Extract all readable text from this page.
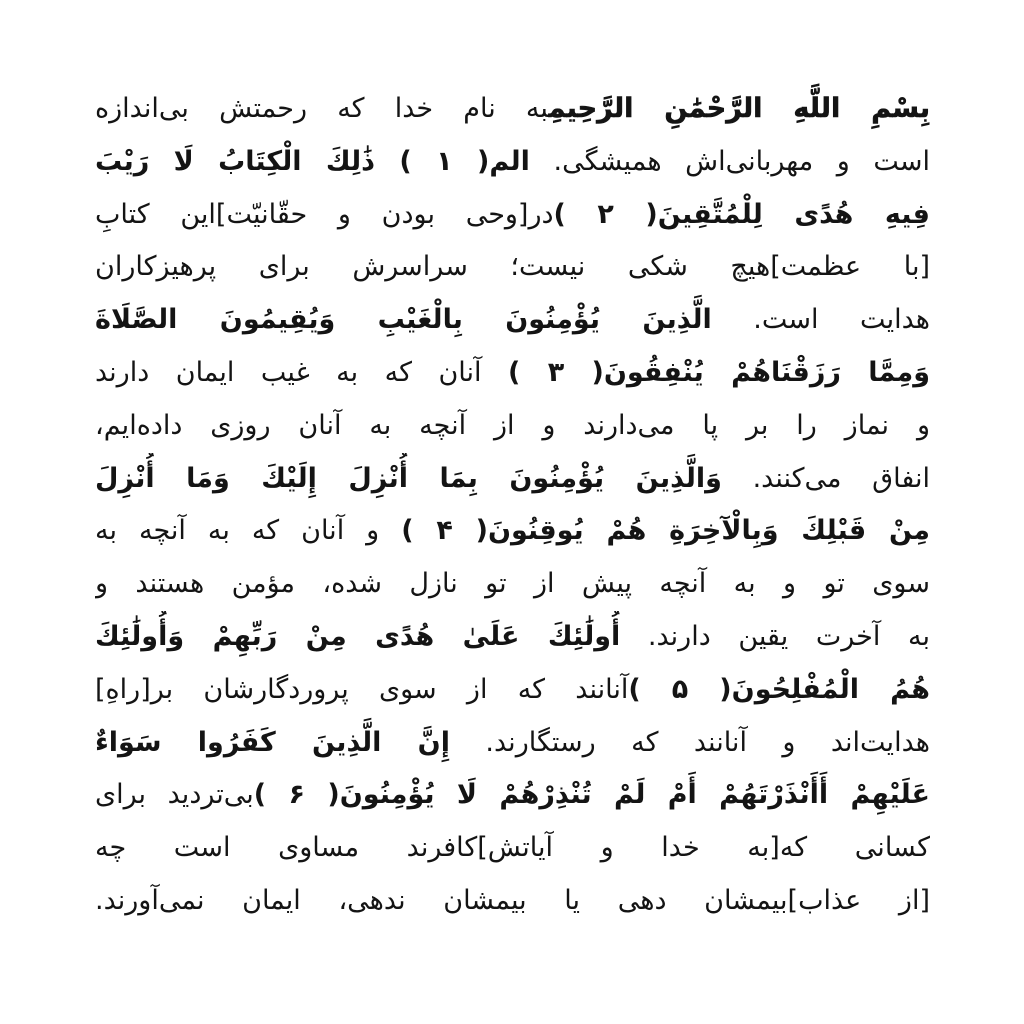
بِسْمِ اللَّهِ الرَّحْمَٰنِ الرَّحِيمِبه نام خدا که رحمتش بی‌اندازه
است و مهربانی‌اش همیشگی. الم( ۱ ) ذَٰلِكَ الْكِتَابُ لَا رَيْبَ
فِيهِ هُدًى لِلْمُتَّقِينَ( ۲ )در[وحی بودن و حقّانیّت]این کتابِ
[با عظمت]هیچ شکی نیست؛ سراسرش برای پرهیزکاران
هدایت است. الَّذِينَ يُؤْمِنُونَ بِالْغَيْبِ وَيُقِيمُونَ الصَّلَاةَ
وَمِمَّا رَزَقْنَاهُمْ يُنْفِقُونَ( ۳ ) آنان که به غیب ایمان دارند
و نماز را بر پا می‌دارند و از آنچه به آنان روزی داده‌ایم،
انفاق می‌کنند. وَالَّذِينَ يُؤْمِنُونَ بِمَا أُنْزِلَ إِلَيْكَ وَمَا أُنْزِلَ
مِنْ قَبْلِكَ وَبِالْآخِرَةِ هُمْ يُوقِنُونَ( ۴ ) و آنان که به آنچه به
سوی تو و به آنچه پیش از تو نازل شده، مؤمن هستند و
به آخرت یقین دارند. أُولَٰئِكَ عَلَىٰ هُدًى مِنْ رَبِّهِمْ وَأُولَٰئِكَ
هُمُ الْمُفْلِحُونَ( ۵ )آنانند که از سوی پروردگارشان بر[راهِ]
هدایت‌اند و آنانند که رستگارند. إِنَّ الَّذِينَ كَفَرُوا سَوَاءٌ
عَلَيْهِمْ أَأَنْذَرْتَهُمْ أَمْ لَمْ تُنْذِرْهُمْ لَا يُؤْمِنُونَ( ۶ )بی‌تردید برای
کسانی که[به خدا و آیاتش]کافرند مساوی است چه
[از عذاب]بیمشان دهی یا بیمشان ندهی، ایمان نمی‌آورند.
